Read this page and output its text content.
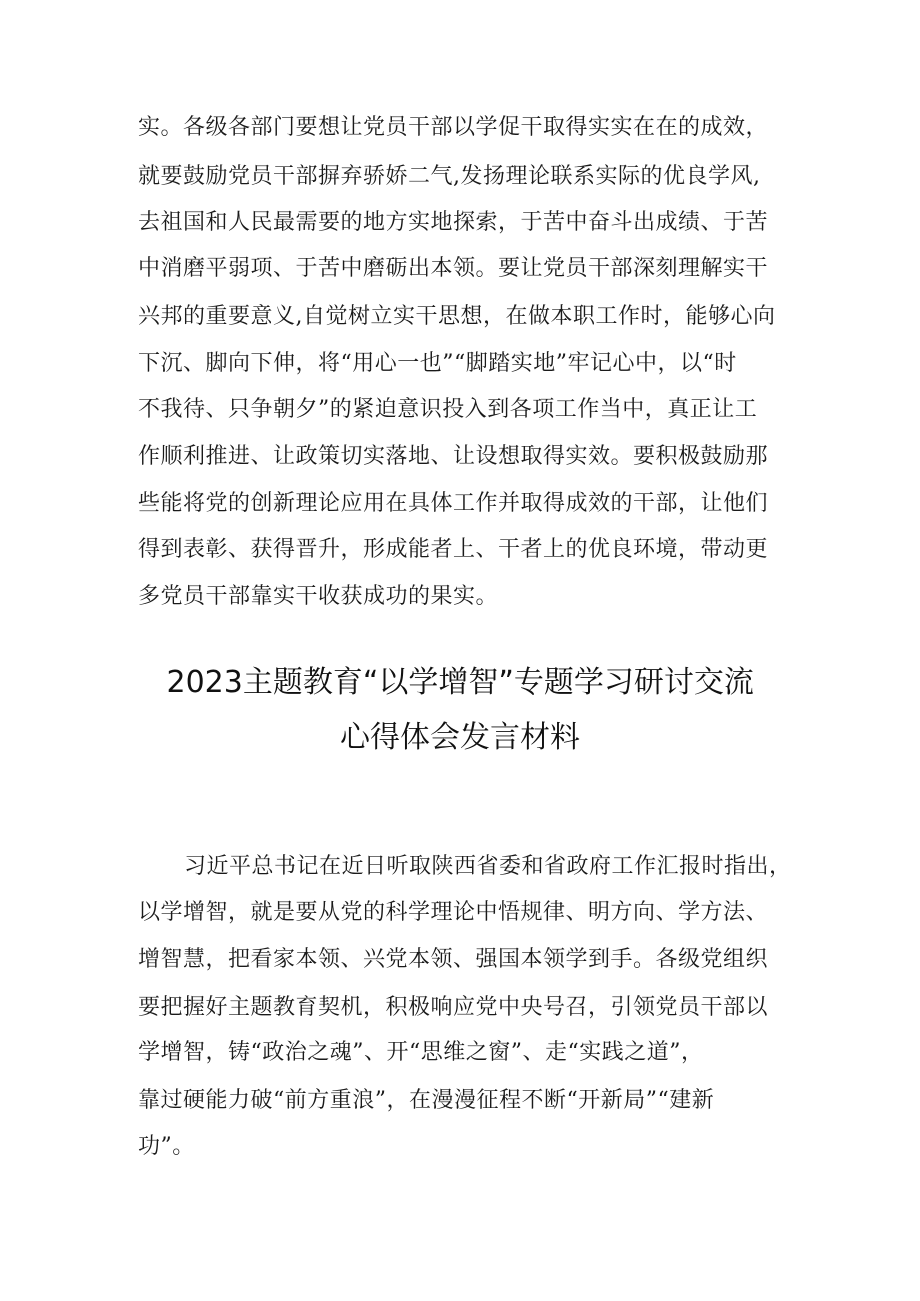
实。各级各部门要想让党员干部以学促干取得实实在在的成效，
就要鼓励党员干部摒弃骄娇二气,发扬理论联系实际的优良学风,
去祖国和人民最需要的地方实地探索，于苦中奋斗出成绩、于苦
中消磨平弱项、于苦中磨砺出本领。要让党员干部深刻理解实干
兴邦的重要意义,自觉树立实干思想，在做本职工作时，能够心向
下沉、脚向下伸，将“用心一也”“脚踏实地”牢记心中，以“时
不我待、只争朝夕”的紧迫意识投入到各项工作当中，真正让工
作顺利推进、让政策切实落地、让设想取得实效。要积极鼓励那
些能将党的创新理论应用在具体工作并取得成效的干部，让他们
得到表彰、获得晋升，形成能者上、干者上的优良环境，带动更
多党员干部靠实干收获成功的果实。
2023主题教育“以学增智”专题学习研讨交流
心得体会发言材料
习近平总书记在近日听取陕西省委和省政府工作汇报时指出，
以学增智，就是要从党的科学理论中悟规律、明方向、学方法、
增智慧，把看家本领、兴党本领、强国本领学到手。各级党组织
要把握好主题教育契机，积极响应党中央号召，引领党员干部以
学增智，铸“政治之魂”、开“思维之窗”、走“实践之道”，
靠过硬能力破“前方重浪”，在漫漫征程不断“开新局”“建新
功”。
